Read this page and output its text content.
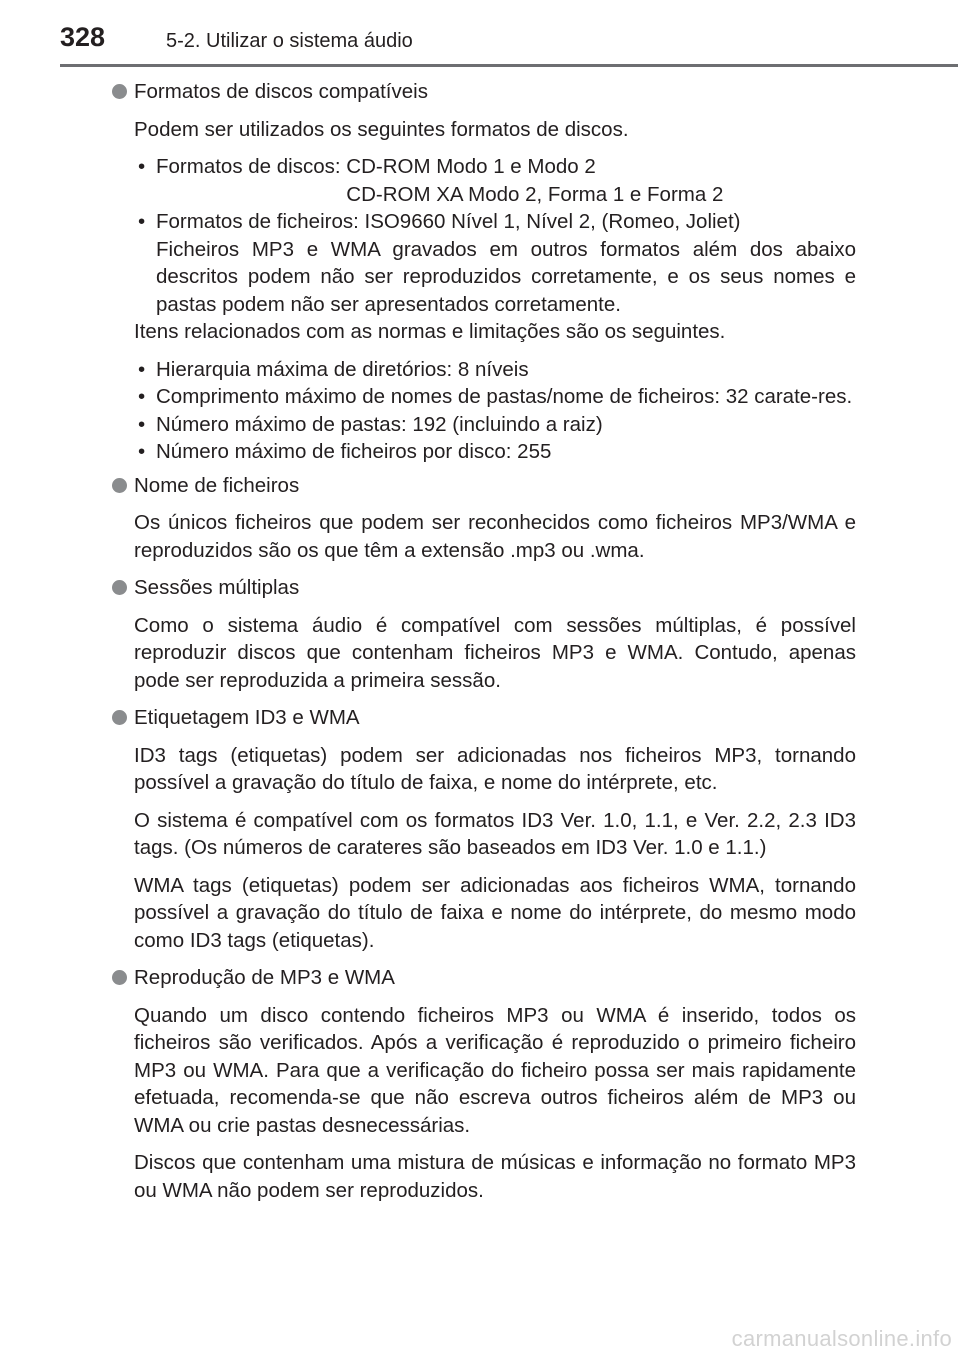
328	5-2. Utilizar o sistema áudio
Formatos de discos compatíveis

Podem ser utilizados os seguintes formatos de discos.

• Formatos de discos: CD-ROM Modo 1 e Modo 2
CD-ROM XA Modo 2, Forma 1 e Forma 2
• Formatos de ficheiros: ISO9660 Nível 1, Nível 2, (Romeo, Joliet)
Ficheiros MP3 e WMA gravados em outros formatos além dos abaixo descritos podem não ser reproduzidos corretamente, e os seus nomes e pastas podem não ser apresentados corretamente.

Itens relacionados com as normas e limitações são os seguintes.

• Hierarquia máxima de diretórios: 8 níveis
• Comprimento máximo de nomes de pastas/nome de ficheiros: 32 carate-res.
• Número máximo de pastas: 192 (incluindo a raiz)
• Número máximo de ficheiros por disco: 255
Nome de ficheiros

Os únicos ficheiros que podem ser reconhecidos como ficheiros MP3/WMA e reproduzidos são os que têm a extensão .mp3 ou .wma.

Sessões múltiplas

Como o sistema áudio é compatível com sessões múltiplas, é possível reproduzir discos que contenham ficheiros MP3 e WMA. Contudo, apenas pode ser reproduzida a primeira sessão.

Etiquetagem ID3 e WMA

ID3 tags (etiquetas) podem ser adicionadas nos ficheiros MP3, tornando possível a gravação do título de faixa, e nome do intérprete, etc.

O sistema é compatível com os formatos ID3 Ver. 1.0, 1.1, e Ver. 2.2, 2.3 ID3 tags. (Os números de carateres são baseados em ID3 Ver. 1.0 e 1.1.)

WMA tags (etiquetas) podem ser adicionadas aos ficheiros WMA, tornando possível a gravação do título de faixa e nome do intérprete, do mesmo modo como ID3 tags (etiquetas).

Reprodução de MP3 e WMA

Quando um disco contendo ficheiros MP3 ou WMA é inserido, todos os ficheiros são verificados. Após a verificação é reproduzido o primeiro ficheiro MP3 ou WMA. Para que a verificação do ficheiro possa ser mais rapidamente efetuada, recomenda-se que não escreva outros ficheiros além de MP3 ou WMA ou crie pastas desnecessárias.

Discos que contenham uma mistura de músicas e informação no formato MP3 ou WMA não podem ser reproduzidos.

carmanualsonline.info
